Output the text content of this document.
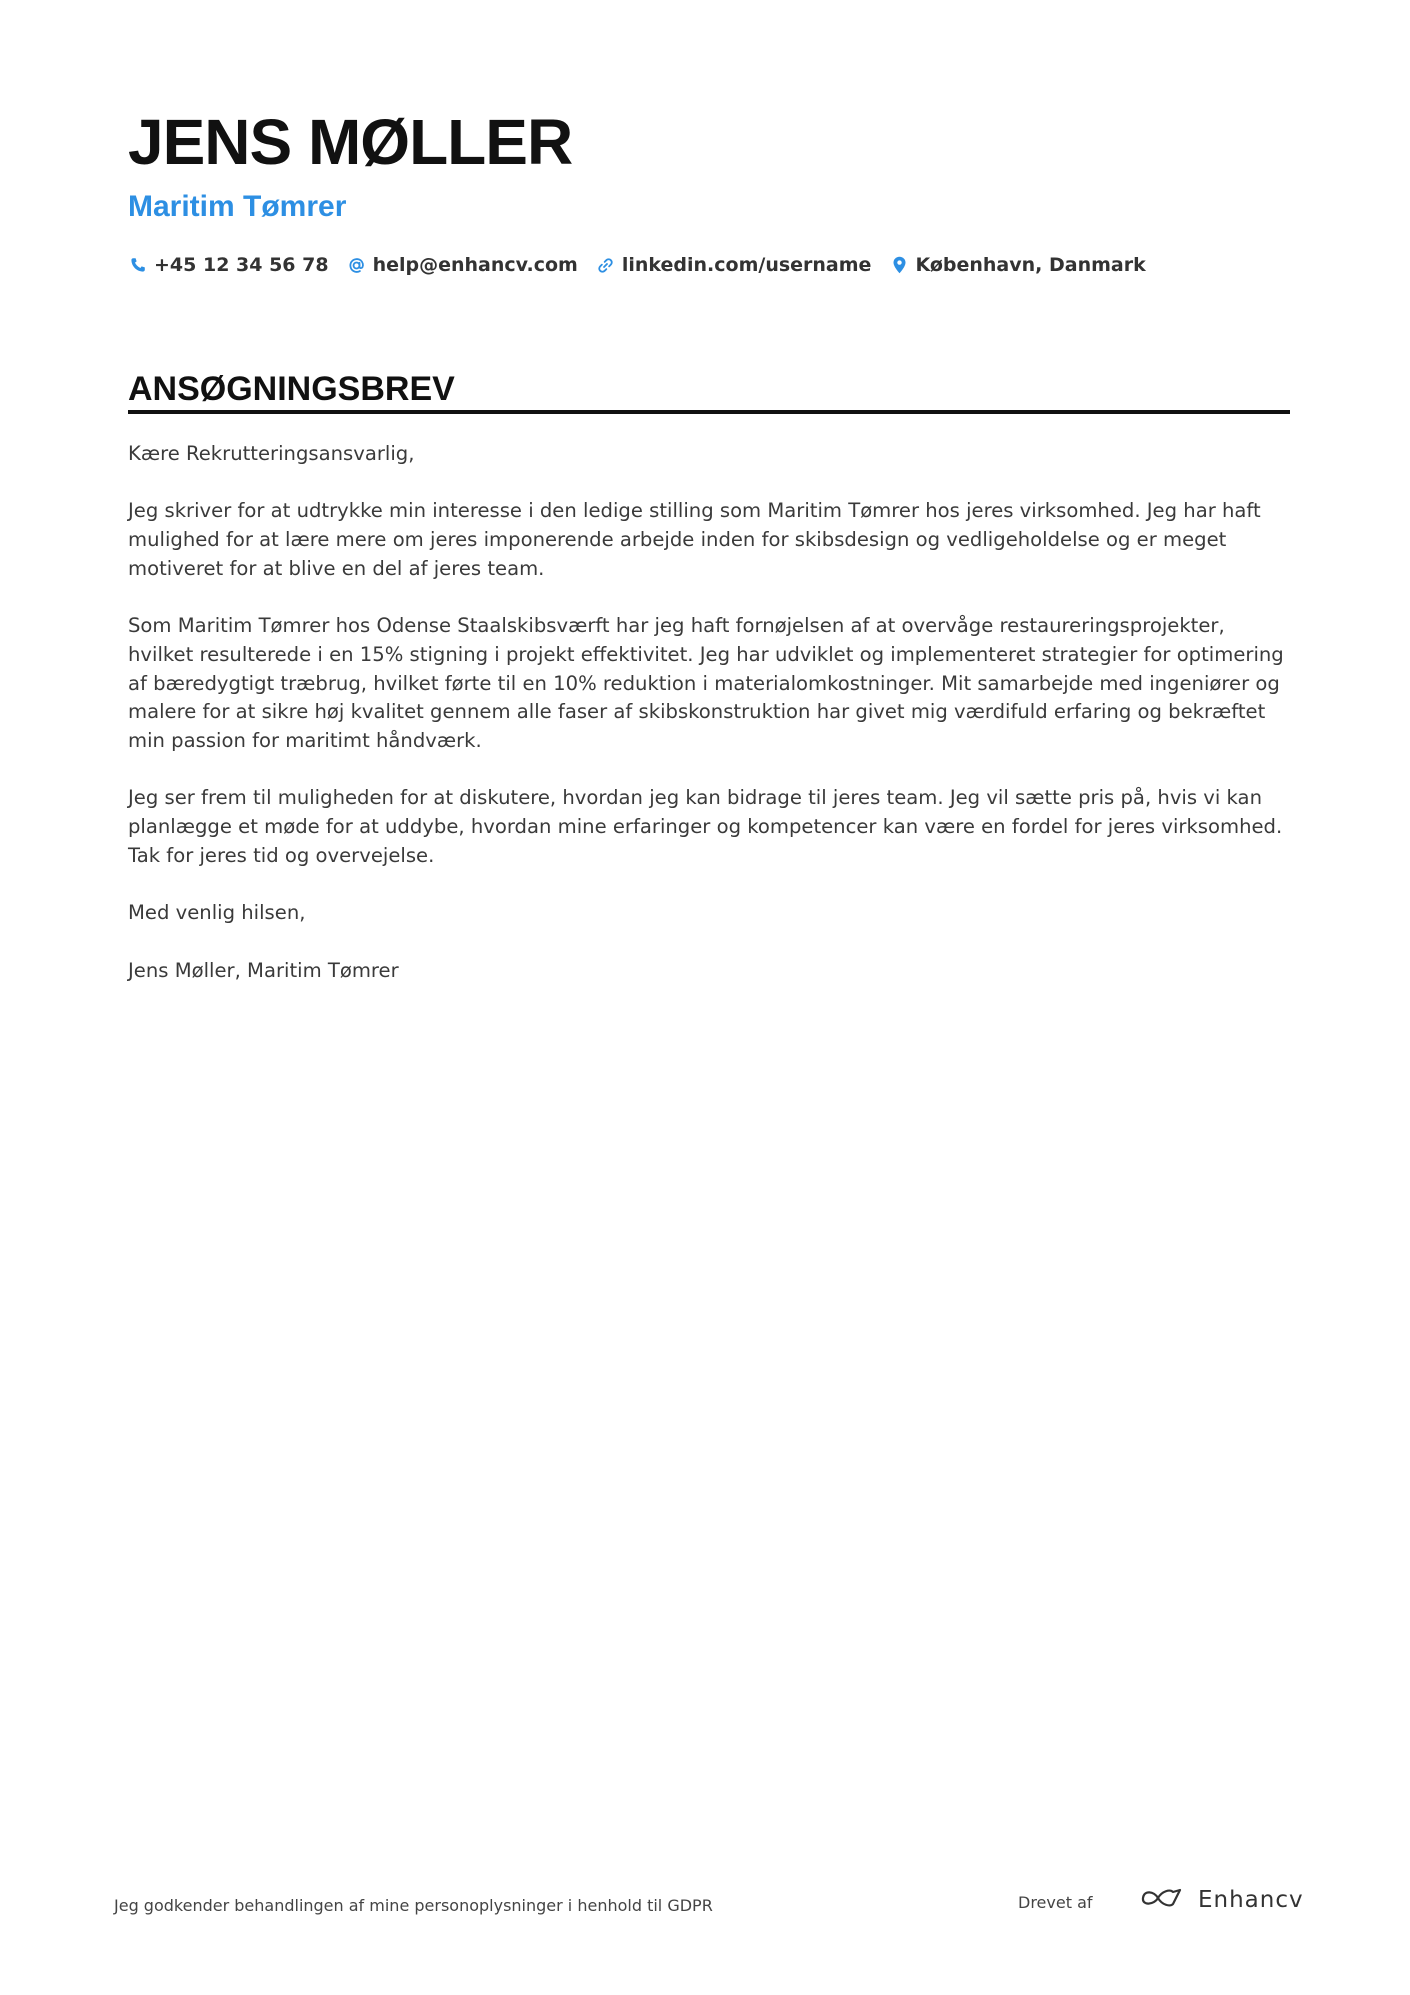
JENS MØLLER
Maritim Tømrer
+45 12 34 56 78 help@enhancv.com linkedin.com/username København, Danmark
ANSØGNINGSBREV

Kære Rekrutteringsansvarlig,

Jeg skriver for at udtrykke min interesse i den ledige stilling som Maritim Tømrer hos jeres virksomhed. Jeg har haft mulighed for at lære mere om jeres imponerende arbejde inden for skibsdesign og vedligeholdelse og er meget motiveret for at blive en del af jeres team.

Som Maritim Tømrer hos Odense Staalskibsværft har jeg haft fornøjelsen af at overvåge restaureringsprojekter, hvilket resulterede i en 15% stigning i projekt effektivitet. Jeg har udviklet og implementeret strategier for optimering af bæredygtigt træbrug, hvilket førte til en 10% reduktion i materialomkostninger. Mit samarbejde med ingeniører og malere for at sikre høj kvalitet gennem alle faser af skibskonstruktion har givet mig værdifuld erfaring og bekræftet min passion for maritimt håndværk.

Jeg ser frem til muligheden for at diskutere, hvordan jeg kan bidrage til jeres team. Jeg vil sætte pris på, hvis vi kan planlægge et møde for at uddybe, hvordan mine erfaringer og kompetencer kan være en fordel for jeres virksomhed. Tak for jeres tid og overvejelse.

Med venlig hilsen,

Jens Møller, Maritim Tømrer

Jeg godkender behandlingen af mine personoplysninger i henhold til GDPR	Drevet af	Enhancv
